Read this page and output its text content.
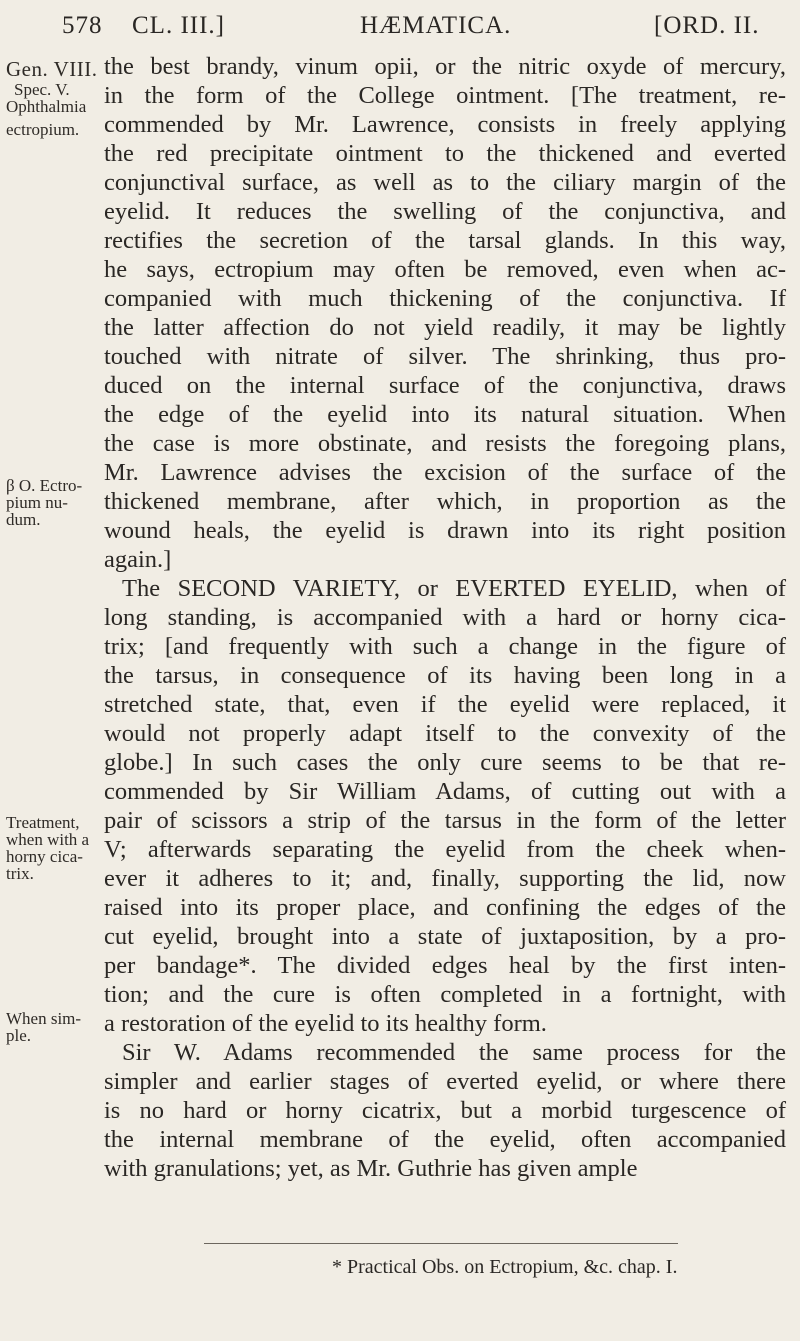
578 CL. III.]	HÆMATICA.	[ORD. II.
Gen. VIII.
Spec. V.
Ophthalmia
ectropium.
β O. Ectro-
pium nu-
dum.
Treatment,
when with a
horny cica-
trix.
When sim-
ple.
the best brandy, vinum opii, or the nitric oxyde of mercury,
in the form of the College ointment. [The treatment, re-
commended by Mr. Lawrence, consists in freely applying
the red precipitate ointment to the thickened and everted
conjunctival surface, as well as to the ciliary margin of the
eyelid. It reduces the swelling of the conjunctiva, and
rectifies the secretion of the tarsal glands. In this way,
he says, ectropium may often be removed, even when ac-
companied with much thickening of the conjunctiva. If
the latter affection do not yield readily, it may be lightly
touched with nitrate of silver. The shrinking, thus pro-
duced on the internal surface of the conjunctiva, draws
the edge of the eyelid into its natural situation. When
the case is more obstinate, and resists the foregoing plans,
Mr. Lawrence advises the excision of the surface of the
thickened membrane, after which, in proportion as the
wound heals, the eyelid is drawn into its right position
again.]
The SECOND VARIETY, or EVERTED EYELID, when of
long standing, is accompanied with a hard or horny cica-
trix; [and frequently with such a change in the figure of
the tarsus, in consequence of its having been long in a
stretched state, that, even if the eyelid were replaced, it
would not properly adapt itself to the convexity of the
globe.] In such cases the only cure seems to be that re-
commended by Sir William Adams, of cutting out with a
pair of scissors a strip of the tarsus in the form of the letter
V; afterwards separating the eyelid from the cheek when-
ever it adheres to it; and, finally, supporting the lid, now
raised into its proper place, and confining the edges of the
cut eyelid, brought into a state of juxtaposition, by a pro-
per bandage*. The divided edges heal by the first inten-
tion; and the cure is often completed in a fortnight, with
a restoration of the eyelid to its healthy form.
Sir W. Adams recommended the same process for the
simpler and earlier stages of everted eyelid, or where there
is no hard or horny cicatrix, but a morbid turgescence of
the internal membrane of the eyelid, often accompanied
with granulations; yet, as Mr. Guthrie has given ample
* Practical Obs. on Ectropium, &c. chap. I.
